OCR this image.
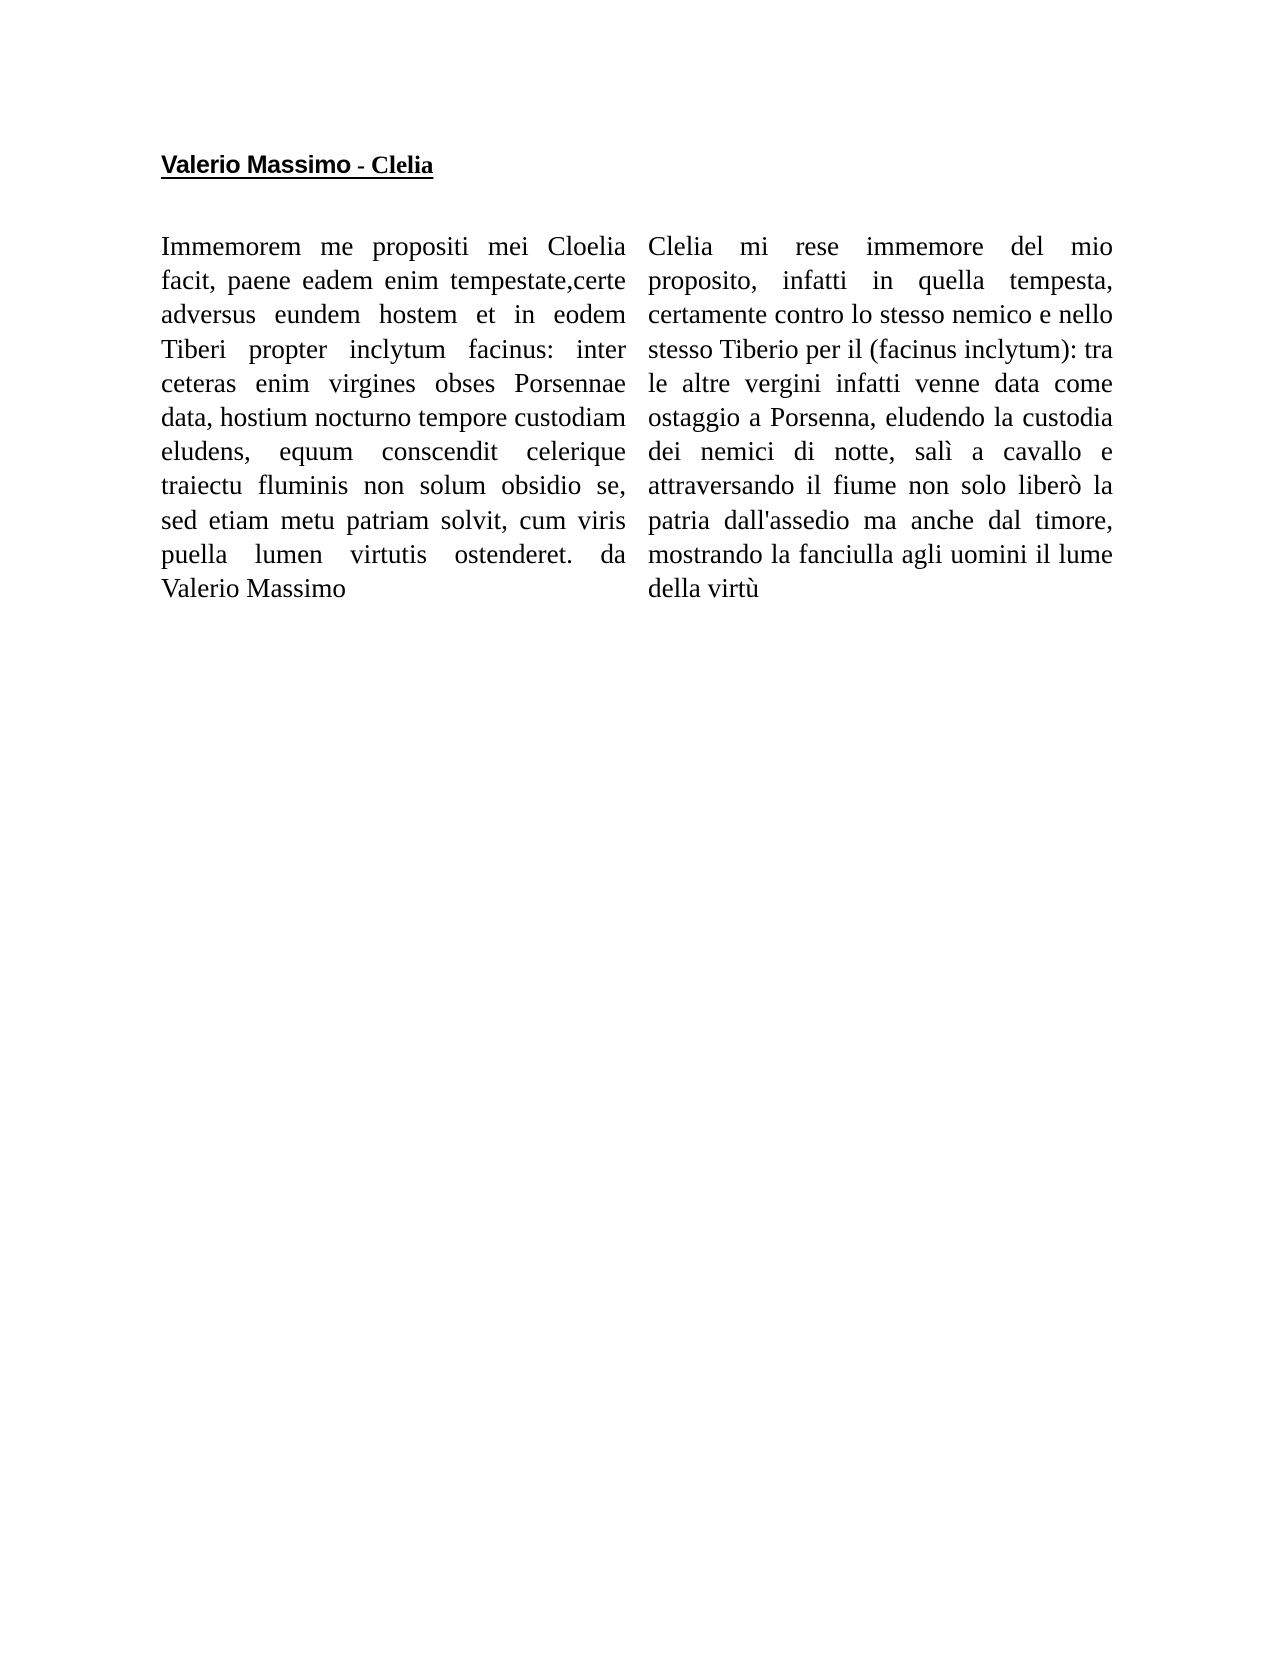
Valerio Massimo - Clelia

Immemorem me propositi mei Cloelia facit, paene eadem enim tempestate,certe adversus eundem hostem et in eodem Tiberi propter inclytum facinus: inter ceteras enim virgines obses Porsennae data, hostium nocturno tempore custodiam eludens, equum conscendit celerique traiectu fluminis non solum obsidio se, sed etiam metu patriam solvit, cum viris puella lumen virtutis ostenderet. da Valerio Massimo

Clelia mi rese immemore del mio proposito, infatti in quella tempesta, certamente contro lo stesso nemico e nello stesso Tiberio per il (facinus inclytum): tra le altre vergini infatti venne data come ostaggio a Porsenna, eludendo la custodia dei nemici di notte, salì a cavallo e attraversando il fiume non solo liberò la patria dall'assedio ma anche dal timore, mostrando la fanciulla agli uomini il lume della virtù
